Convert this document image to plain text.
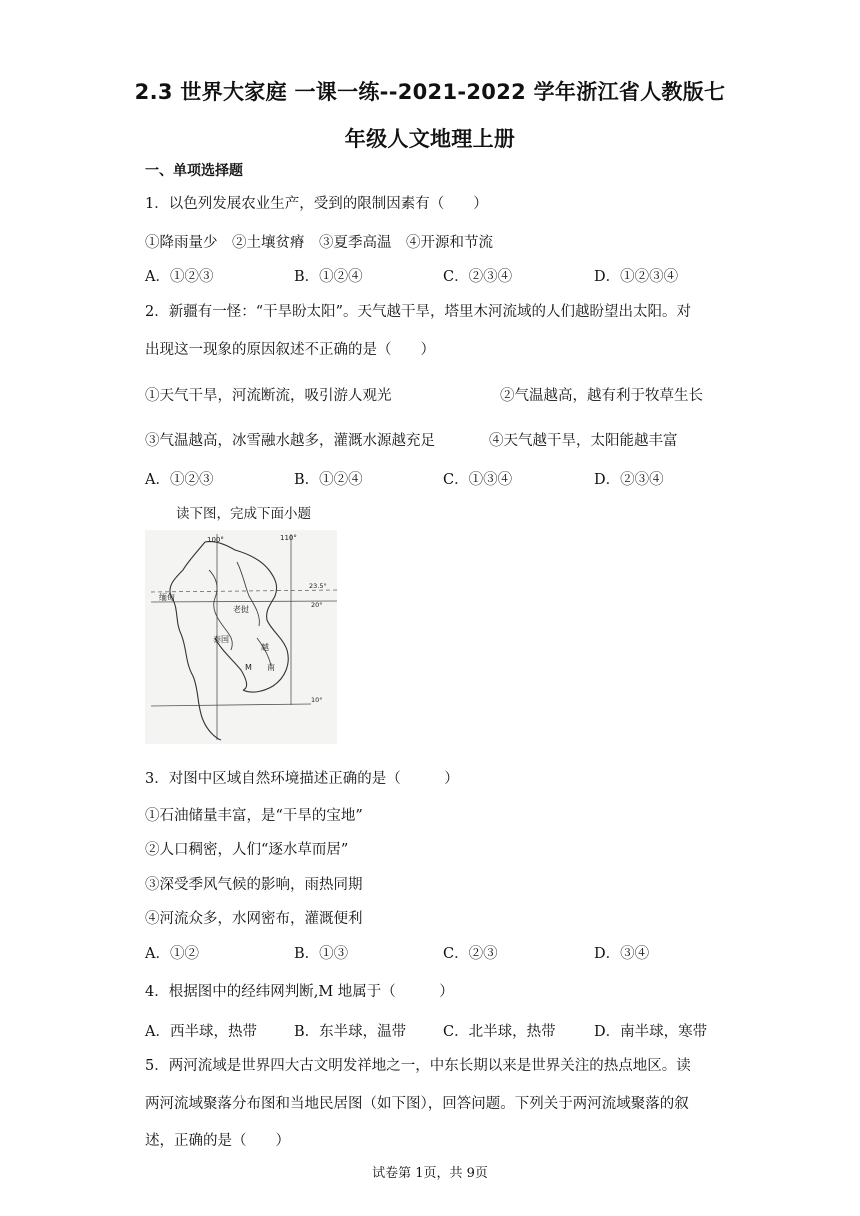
2.3 世界大家庭 一课一练--2021-2022 学年浙江省人教版七
年级人文地理上册
一、单项选择题
1．以色列发展农业生产，受到的限制因素有（　　）
①降雨量少　②土壤贫瘠　③夏季高温　④开源和节流
A．①②③	B．①②④	C．②③④	D．①②③④
2．新疆有一怪：“干旱盼太阳”。天气越干旱，塔里木河流域的人们越盼望出太阳。对
出现这一现象的原因叙述不正确的是（　　）
①天气干旱，河流断流，吸引游人观光	②气温越高，越有利于牧草生长
③气温越高，冰雪融水越多，灌溉水源越充足	④天气越干旱，太阳能越丰富
A．①②③	B．①②④	C．①③④	D．②③④
读下图，完成下面小题
100°	110°
23.5°
20°
10°
缅甸
老挝
泰国
越
南
M
3．对图中区域自然环境描述正确的是（　　　）
①石油储量丰富，是“干旱的宝地”
②人口稠密，人们“逐水草而居”
③深受季风气候的影响，雨热同期
④河流众多，水网密布，灌溉便利
A．①②	B．①③	C．②③	D．③④
4．根据图中的经纬网判断,M 地属于（　　　）
A．西半球，热带	B．东半球，温带	C．北半球，热带	D．南半球，寒带
5．两河流域是世界四大古文明发祥地之一，中东长期以来是世界关注的热点地区。读
两河流域聚落分布图和当地民居图（如下图），回答问题。下列关于两河流域聚落的叙
述，正确的是（　　）
试卷第 1页，共 9页
